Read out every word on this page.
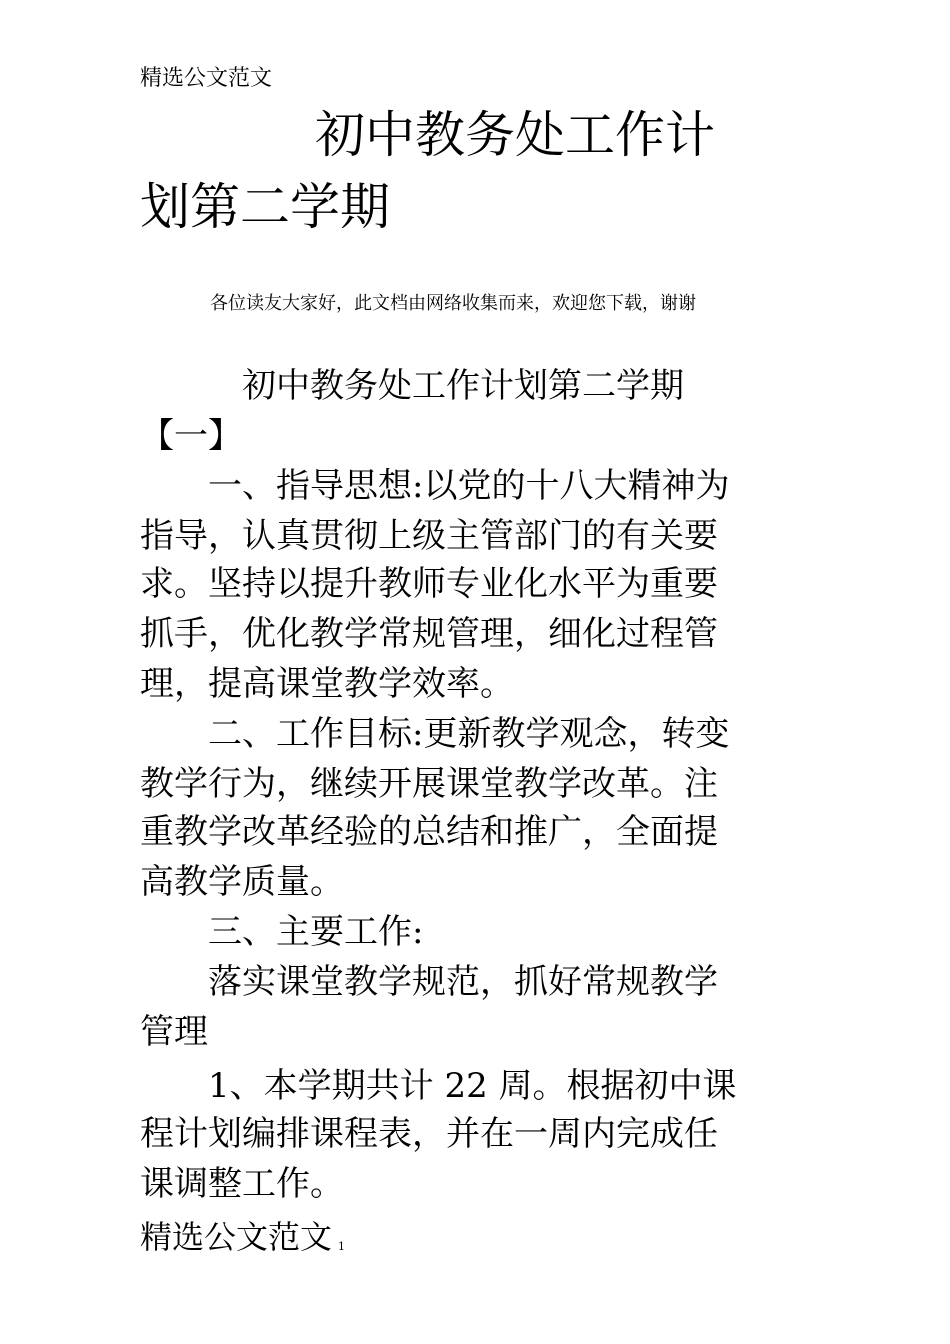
精选公文范文
初中教务处工作计
划第二学期
各位读友大家好，此文档由网络收集而来，欢迎您下载，谢谢
　　　初中教务处工作计划第二学期
【一】
　　一、指导思想:以党的十八大精神为
指导，认真贯彻上级主管部门的有关要
求。坚持以提升教师专业化水平为重要
抓手，优化教学常规管理，细化过程管
理，提高课堂教学效率。
　　二、工作目标:更新教学观念，转变
教学行为，继续开展课堂教学改革。注
重教学改革经验的总结和推广，全面提
高教学质量。
　　三、主要工作:
　　落实课堂教学规范，抓好常规教学
管理
　　1、本学期共计 22 周。根据初中课
程计划编排课程表，并在一周内完成任
课调整工作。
精选公文范文 1
